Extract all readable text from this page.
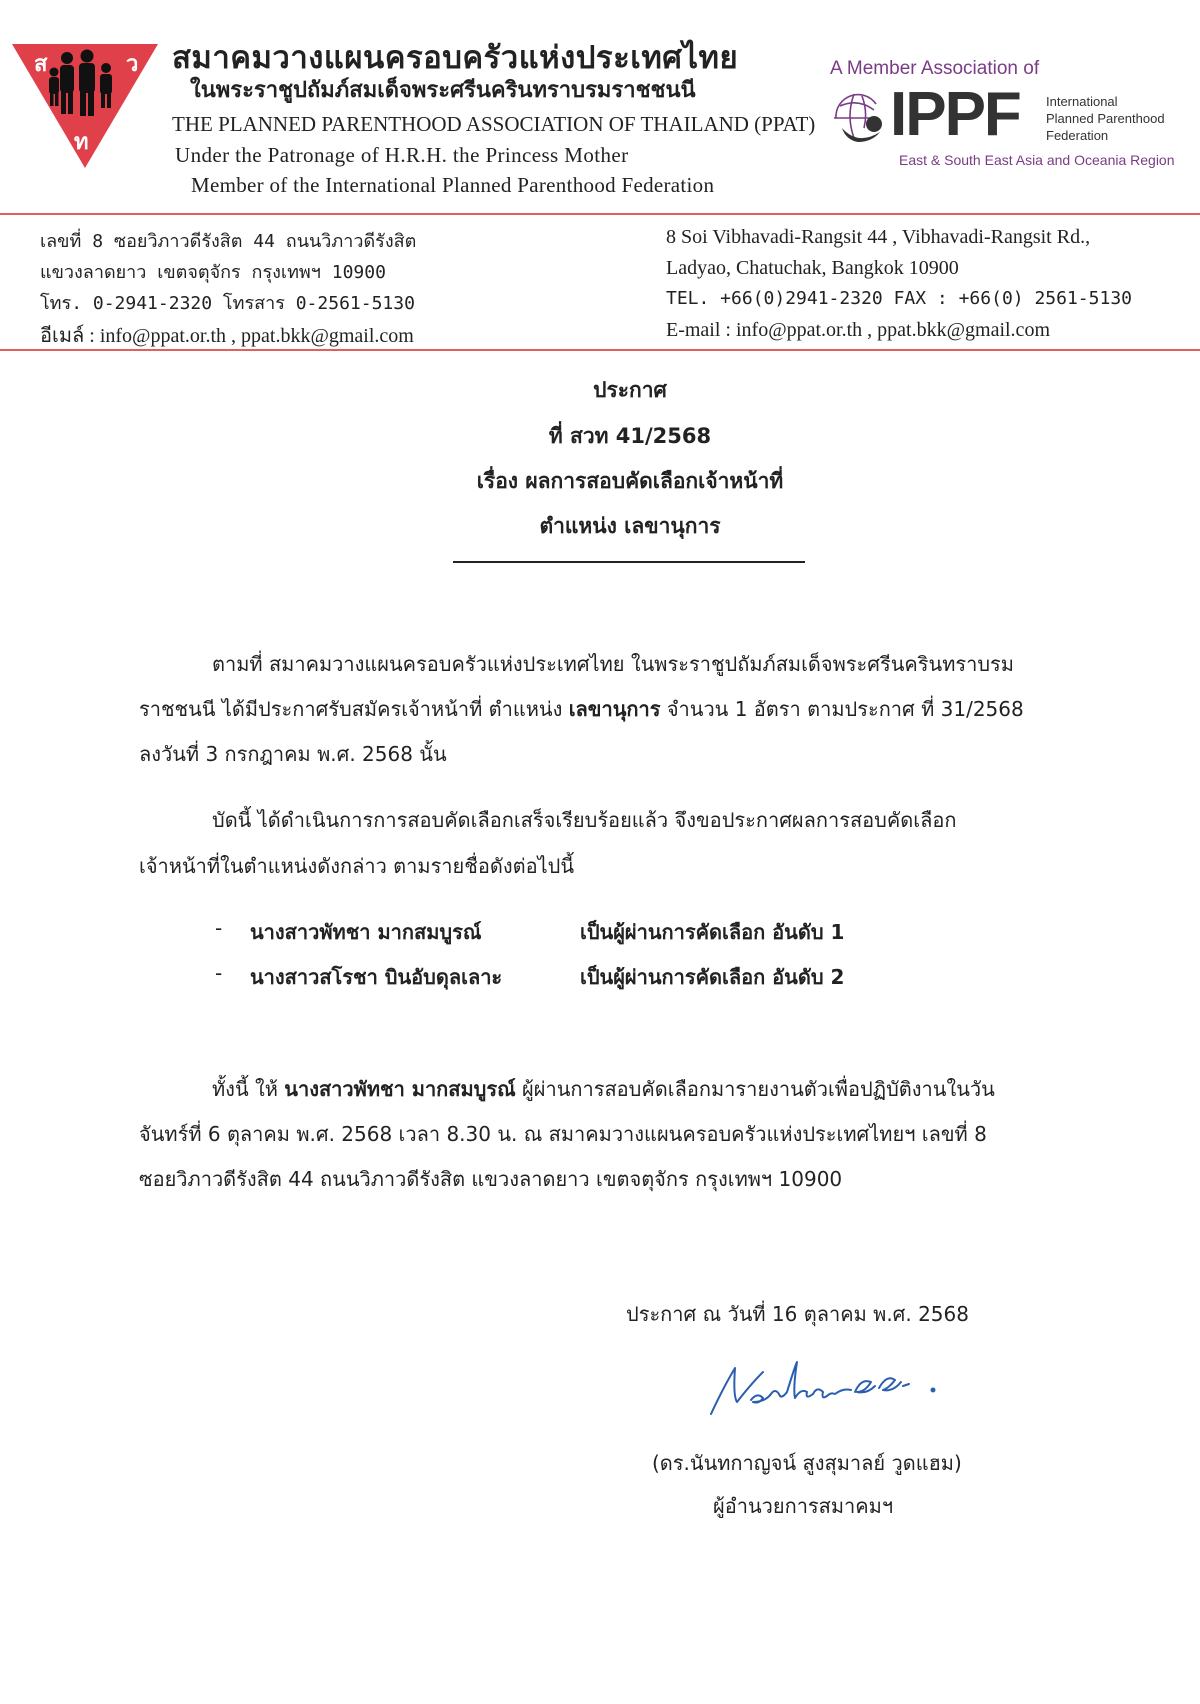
ส	ว
ท
สมาคมวางแผนครอบครัวแห่งประเทศไทย
ในพระราชูปถัมภ์สมเด็จพระศรีนครินทราบรมราชชนนี
THE PLANNED PARENTHOOD ASSOCIATION OF THAILAND (PPAT)
Under the Patronage of H.R.H. the Princess Mother
Member of the International Planned Parenthood Federation
A Member Association of
IPPF International
Planned Parenthood
Federation
East & South East Asia and Oceania Region
เลขที่ 8 ซอยวิภาวดีรังสิต 44 ถนนวิภาวดีรังสิต
แขวงลาดยาว เขตจตุจักร กรุงเทพฯ 10900
โทร. 0-2941-2320 โทรสาร 0-2561-5130
อีเมล์ : info@ppat.or.th , ppat.bkk@gmail.com
8 Soi Vibhavadi-Rangsit 44 , Vibhavadi-Rangsit Rd.,
Ladyao, Chatuchak, Bangkok 10900
TEL. +66(0)2941-2320 FAX : +66(0) 2561-5130
E-mail : info@ppat.or.th , ppat.bkk@gmail.com
ประกาศ
ที่ สวท 41/2568
เรื่อง ผลการสอบคัดเลือกเจ้าหน้าที่
ตำแหน่ง เลขานุการ
ตามที่ สมาคมวางแผนครอบครัวแห่งประเทศไทย ในพระราชูปถัมภ์สมเด็จพระศรีนครินทราบรม
ราชชนนี ได้มีประกาศรับสมัครเจ้าหน้าที่ ตำแหน่ง เลขานุการ จำนวน 1 อัตรา ตามประกาศ ที่ 31/2568
ลงวันที่ 3 กรกฎาคม พ.ศ. 2568 นั้น
บัดนี้ ได้ดำเนินการการสอบคัดเลือกเสร็จเรียบร้อยแล้ว จึงขอประกาศผลการสอบคัดเลือก
เจ้าหน้าที่ในตำแหน่งดังกล่าว ตามรายชื่อดังต่อไปนี้
- นางสาวพัทชา มากสมบูรณ์	เป็นผู้ผ่านการคัดเลือก อันดับ 1
- นางสาวสโรชา บินอับดุลเลาะ	เป็นผู้ผ่านการคัดเลือก อันดับ 2
ทั้งนี้ ให้ นางสาวพัทชา มากสมบูรณ์ ผู้ผ่านการสอบคัดเลือกมารายงานตัวเพื่อปฏิบัติงานในวัน
จันทร์ที่ 6 ตุลาคม พ.ศ. 2568 เวลา 8.30 น. ณ สมาคมวางแผนครอบครัวแห่งประเทศไทยฯ เลขที่ 8
ซอยวิภาวดีรังสิต 44 ถนนวิภาวดีรังสิต แขวงลาดยาว เขตจตุจักร กรุงเทพฯ 10900
ประกาศ ณ วันที่ 16 ตุลาคม พ.ศ. 2568
(ดร.นันทกาญจน์ สูงสุมาลย์ วูดแฮม)
ผู้อำนวยการสมาคมฯ
